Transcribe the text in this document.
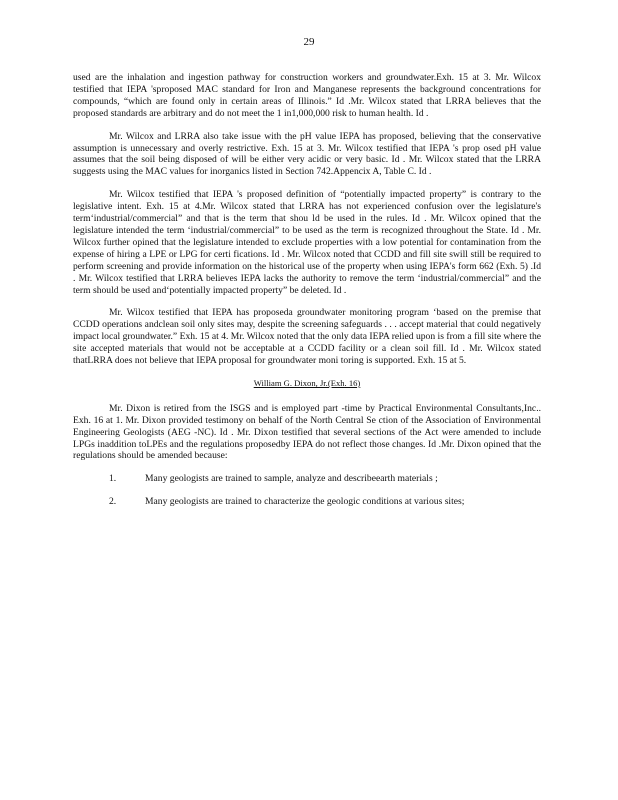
29

used are the inhalation and ingestion pathway for construction workers and groundwater.Exh. 15 at 3. Mr. Wilcox testified that IEPA 'sproposed MAC standard for Iron and Manganese represents the background concentrations for compounds, “which are found only in certain areas of Illinois.” Id .Mr. Wilcox stated that LRRA believes that the proposed standards are arbitrary and do not meet the 1 in1,000,000 risk to human health. Id .

Mr. Wilcox and LRRA also take issue with the pH value IEPA has proposed, believing that the conservative assumption is unnecessary and overly restrictive. Exh. 15 at 3. Mr. Wilcox testified that IEPA 's prop osed pH value assumes that the soil being disposed of will be either very acidic or very basic. Id . Mr. Wilcox stated that the LRRA suggests using the MAC values for inorganics listed in Section 742.Appencix A, Table C. Id .

Mr. Wilcox testified that IEPA 's proposed definition of “potentially impacted property” is contrary to the legislative intent. Exh. 15 at 4.Mr. Wilcox stated that LRRA has not experienced confusion over the legislature's term‘industrial/commercial” and that is the term that shou ld be used in the rules. Id . Mr. Wilcox opined that the legislature intended the term ‘industrial/commercial” to be used as the term is recognized throughout the State. Id . Mr. Wilcox further opined that the legislature intended to exclude properties with a low potential for contamination from the expense of hiring a LPE or LPG for certi fications. Id . Mr. Wilcox noted that CCDD and fill site swill still be required to perform screening and provide information on the historical use of the property when using IEPA's form 662 (Exh. 5) .Id . Mr. Wilcox testified that LRRA believes IEPA lacks the authority to remove the term ‘industrial/commercial” and the term should be used and‘potentially impacted property” be deleted. Id .

Mr. Wilcox testified that IEPA has proposeda groundwater monitoring program ‘based on the premise that CCDD operations andclean soil only sites may, despite the screening safeguards . . . accept material that could negatively impact local groundwater.” Exh. 15 at 4. Mr. Wilcox noted that the only data IEPA relied upon is from a fill site where the site accepted materials that would not be acceptable at a CCDD facility or a clean soil fill. Id . Mr. Wilcox stated thatLRRA does not believe that IEPA proposal for groundwater moni toring is supported. Exh. 15 at 5.

William G. Dixon, Jr.(Exh. 16)

Mr. Dixon is retired from the ISGS and is employed part -time by Practical Environmental Consultants,Inc.. Exh. 16 at 1. Mr. Dixon provided testimony on behalf of the North Central Se ction of the Association of Environmental Engineering Geologists (AEG -NC). Id . Mr. Dixon testified that several sections of the Act were amended to include LPGs inaddition toLPEs and the regulations proposedby IEPA do not reflect those changes. Id .Mr. Dixon opined that the regulations should be amended because:

1.	Many geologists are trained to sample, analyze and describeearth materials ;
2.	Many geologists are trained to characterize the geologic conditions at various sites;
